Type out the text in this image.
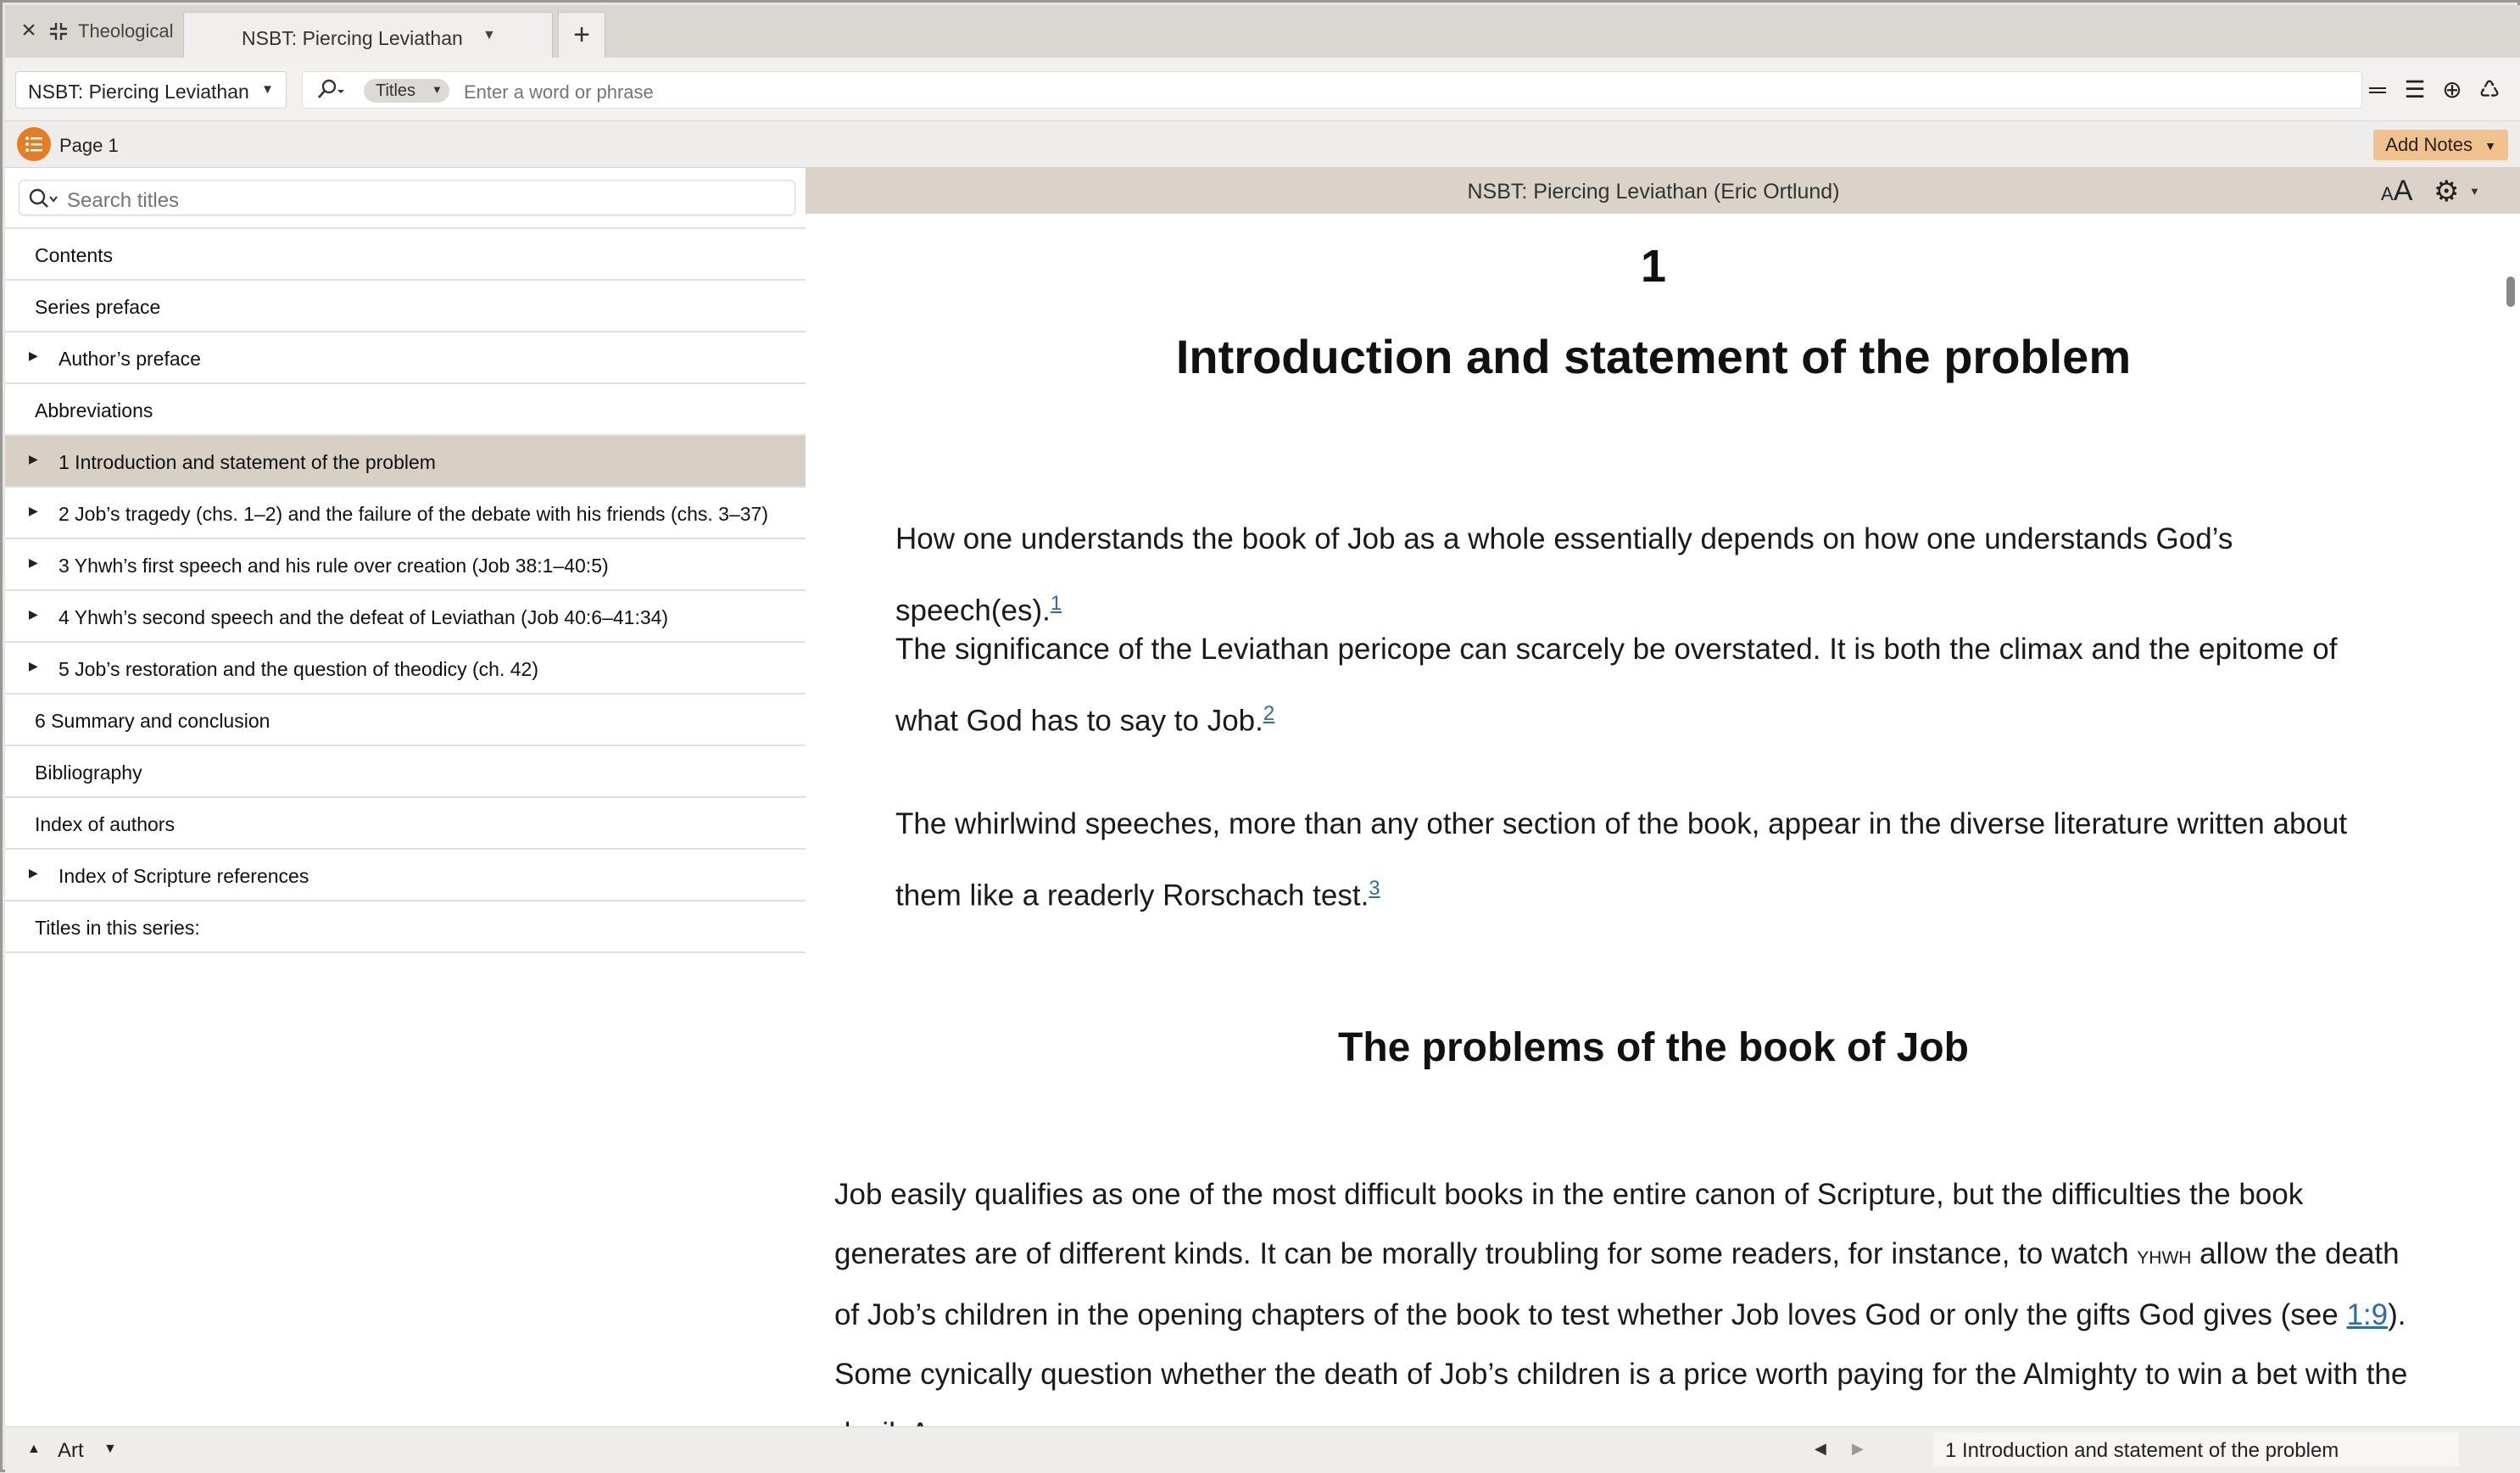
× Theological	NSBT: Piercing Leviathan ▼	+
NSBT: Piercing Leviathan ▼	Titles	▼
Enter a word or phrase	═ ☰ ⊕ ♺
Page 1	Add Notes ▼
Search titles
Contents
Series preface
▶ Author’s preface
Abbreviations
▶ 1 Introduction and statement of the problem
▶ 2 Job’s tragedy (chs. 1–2) and the failure of the debate with his friends (chs. 3–37)
▶ 3 Yhwh’s first speech and his rule over creation (Job 38:1–40:5)
▶ 4 Yhwh’s second speech and the defeat of Leviathan (Job 40:6–41:34)
▶ 5 Job’s restoration and the question of theodicy (ch. 42)
6 Summary and conclusion
Bibliography
Index of authors
▶ Index of Scripture references
Titles in this series:
NSBT: Piercing Leviathan (Eric Ortlund)	AA ⚙ ▼
1
Introduction and statement of the problem
How one understands the book of Job as a whole essentially depends on how one understands God’s speech(es).$^1$
The significance of the Leviathan pericope can scarcely be overstated. It is both the climax and the epitome of what God has to say to Job.$^2$
The whirlwind speeches, more than any other section of the book, appear in the diverse literature written about them like a readerly Rorschach test.$^3$
The problems of the book of Job
Job easily qualifies as one of the most difficult books in the entire canon of Scripture, but the difficulties the book generates are of different kinds. It can be morally troubling for some readers, for instance, to watch yhwh allow the death of Job’s children in the opening chapters of the book to test whether Job loves God or only the gifts God gives (see 1:9). Some cynically question whether the death of Job’s children is a price worth paying for the Almighty to win a bet with the
▲ Art ▼	◀ ▶	1 Introduction and statement of the problem
